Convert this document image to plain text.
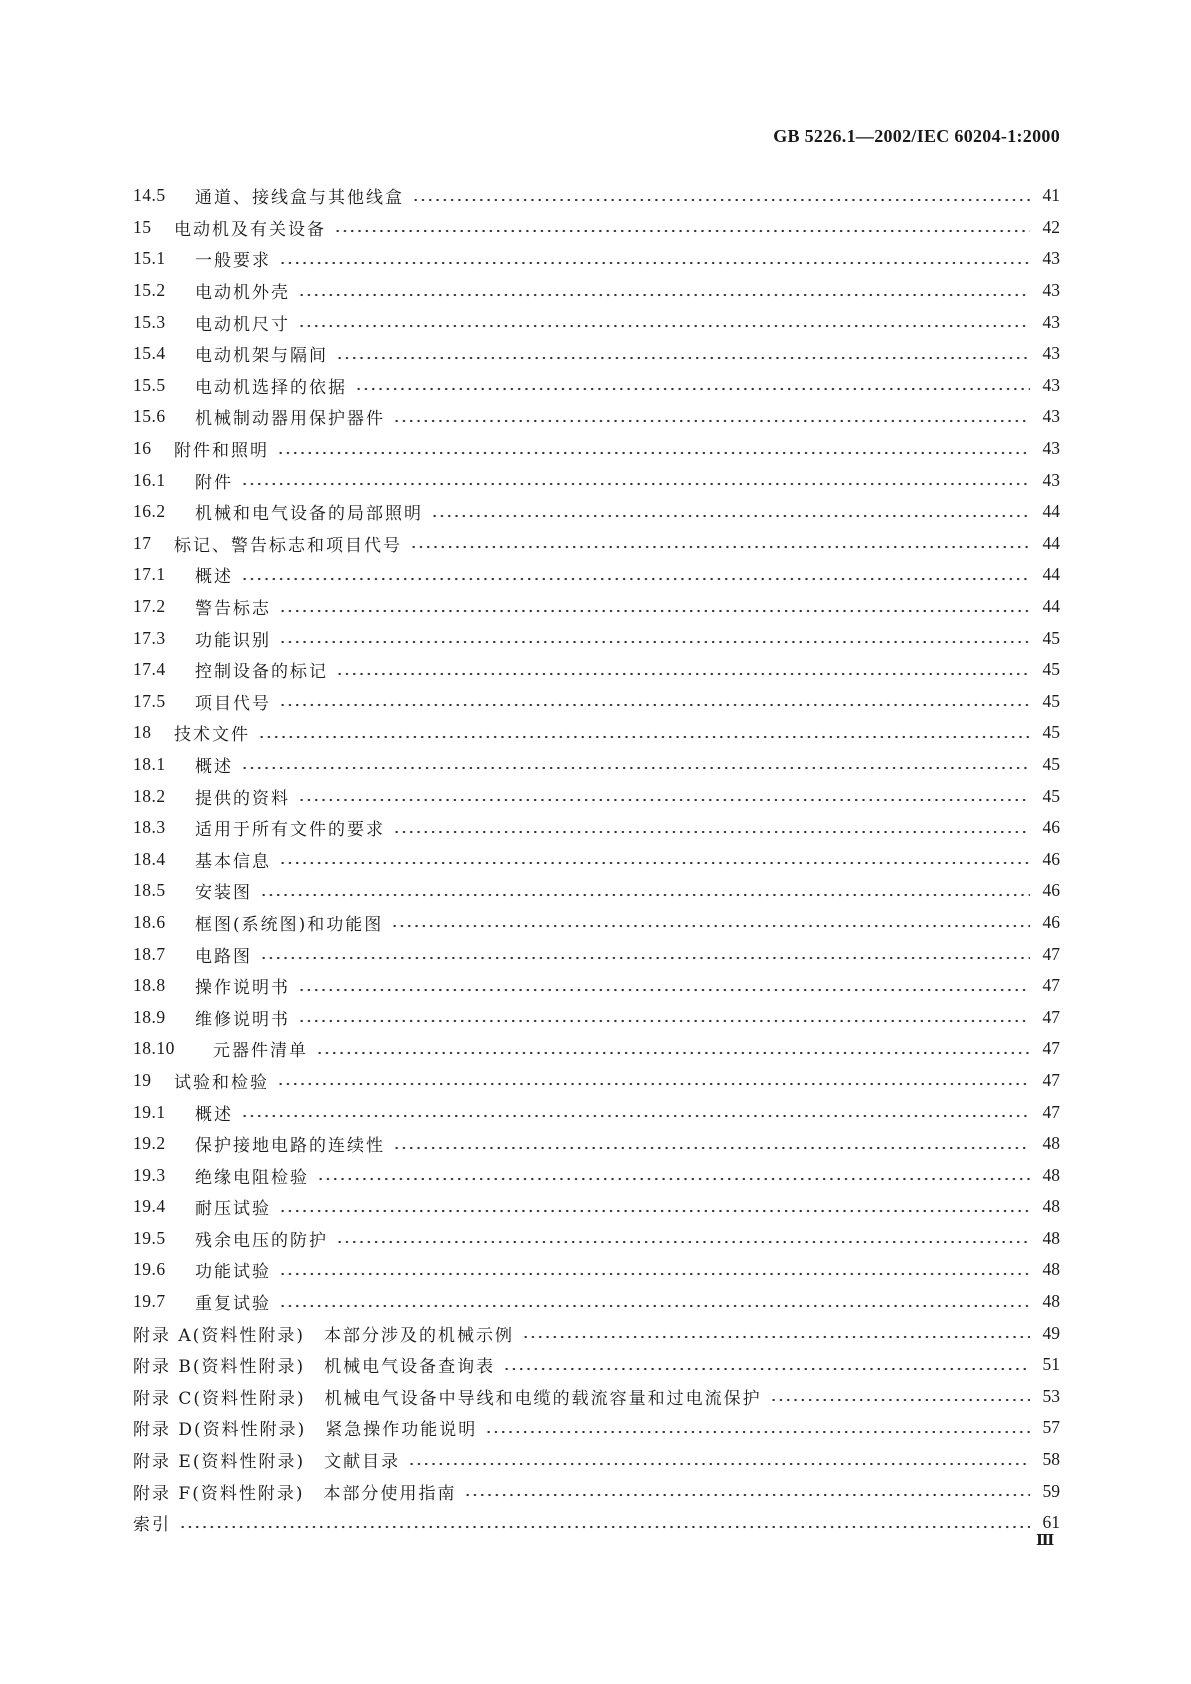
GB 5226.1—2002/IEC 60204-1:2000
14.5	通道、接线盒与其他线盒	41
15	电动机及有关设备	42
15.1	一般要求	43
15.2	电动机外壳	43
15.3	电动机尺寸	43
15.4	电动机架与隔间	43
15.5	电动机选择的依据	43
15.6	机械制动器用保护器件	43
16	附件和照明	43
16.1	附件	43
16.2	机械和电气设备的局部照明	44
17	标记、警告标志和项目代号	44
17.1	概述	44
17.2	警告标志	44
17.3	功能识别	45
17.4	控制设备的标记	45
17.5	项目代号	45
18	技术文件	45
18.1	概述	45
18.2	提供的资料	45
18.3	适用于所有文件的要求	46
18.4	基本信息	46
18.5	安装图	46
18.6	框图(系统图)和功能图	46
18.7	电路图	47
18.8	操作说明书	47
18.9	维修说明书	47
18.10	元器件清单	47
19	试验和检验	47
19.1	概述	47
19.2	保护接地电路的连续性	48
19.3	绝缘电阻检验	48
19.4	耐压试验	48
19.5	残余电压的防护	48
19.6	功能试验	48
19.7	重复试验	48
附录 A(资料性附录)　本部分涉及的机械示例	49
附录 B(资料性附录)　机械电气设备查询表	51
附录 C(资料性附录)　机械电气设备中导线和电缆的载流容量和过电流保护	53
附录 D(资料性附录)　紧急操作功能说明	57
附录 E(资料性附录)　文献目录	58
附录 F(资料性附录)　本部分使用指南	59
索引	61
Ⅲ
